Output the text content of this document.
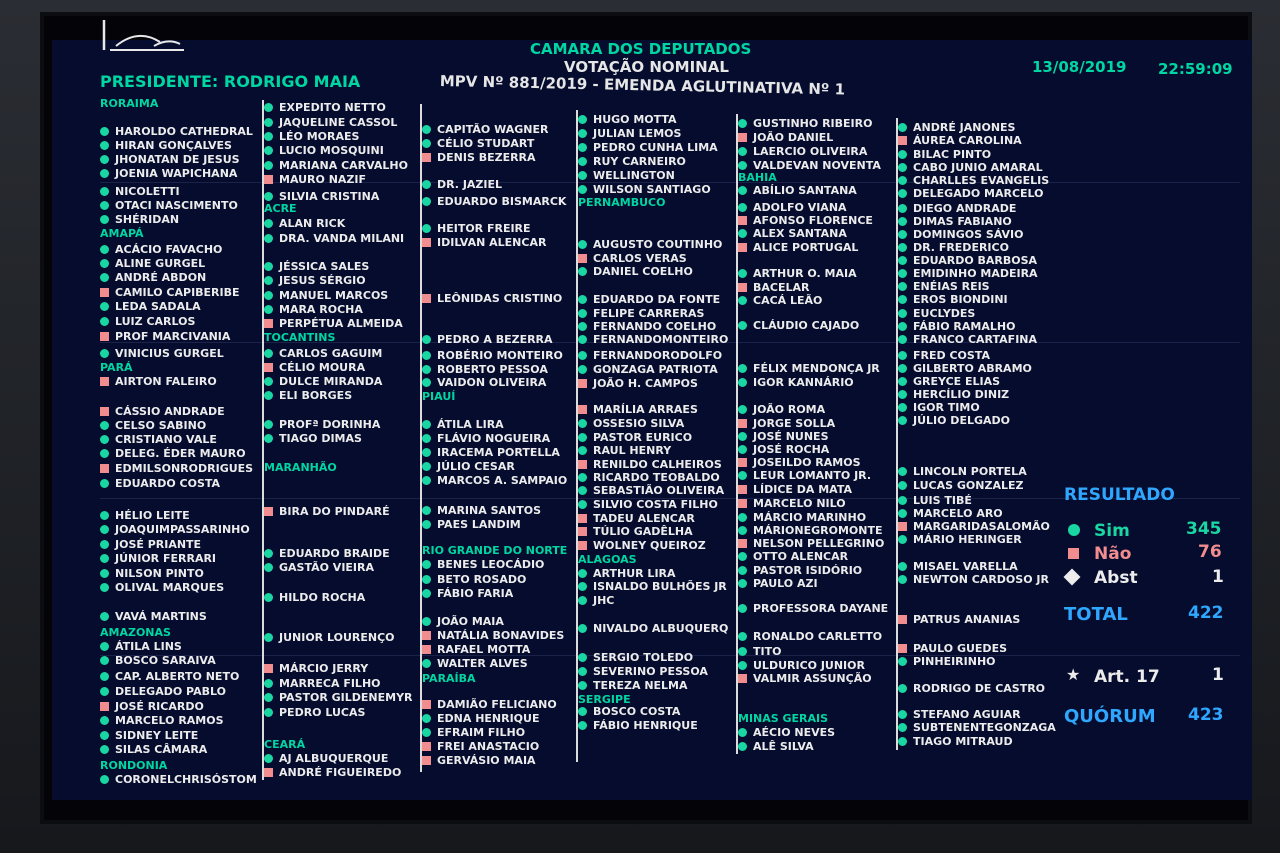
CAMARA DOS DEPUTADOS
VOTAÇÃO NOMINAL
MPV Nº 881/2019 - EMENDA AGLUTINATIVA Nº 1
PRESIDENTE: RODRIGO MAIA
13/08/2019 22:59:09
RORAIMA
HAROLDO CATHEDRAL
HIRAN GONÇALVES
JHONATAN DE JESUS
JOENIA WAPICHANA
NICOLETTI
OTACI NASCIMENTO
SHÉRIDAN
AMAPÁ
ACÁCIO FAVACHO
ALINE GURGEL
ANDRÉ ABDON
CAMILO CAPIBERIBE
LEDA SADALA
LUIZ CARLOS
PROF MARCIVANIA
VINICIUS GURGEL
PARÁ
AIRTON FALEIRO
CÁSSIO ANDRADE
CELSO SABINO
CRISTIANO VALE
DELEG. ÉDER MAURO
EDMILSONRODRIGUES
EDUARDO COSTA
HÉLIO LEITE
JOAQUIMPASSARINHO
JOSÉ PRIANTE
JÚNIOR FERRARI
NILSON PINTO
OLIVAL MARQUES
VAVÁ MARTINS
AMAZONAS
ÁTILA LINS
BOSCO SARAIVA
CAP. ALBERTO NETO
DELEGADO PABLO
JOSÉ RICARDO
MARCELO RAMOS
SIDNEY LEITE
SILAS CÂMARA
RONDONIA
CORONELCHRISÓSTOM
EXPEDITO NETTO
JAQUELINE CASSOL
LÉO MORAES
LUCIO MOSQUINI
MARIANA CARVALHO
MAURO NAZIF
SILVIA CRISTINA
ACRE
ALAN RICK
DRA. VANDA MILANI
JÉSSICA SALES
JESUS SÉRGIO
MANUEL MARCOS
MARA ROCHA
PERPÉTUA ALMEIDA
TOCANTINS
CARLOS GAGUIM
CÉLIO MOURA
DULCE MIRANDA
ELI BORGES
PROFª DORINHA
TIAGO DIMAS
MARANHÃO
BIRA DO PINDARÉ
EDUARDO BRAIDE
GASTÃO VIEIRA
HILDO ROCHA
JUNIOR LOURENÇO
MÁRCIO JERRY
MARRECA FILHO
PASTOR GILDENEMYR
PEDRO LUCAS
CEARÁ
AJ ALBUQUERQUE
ANDRÉ FIGUEIREDO
CAPITÃO WAGNER
CÉLIO STUDART
DENIS BEZERRA
DR. JAZIEL
EDUARDO BISMARCK
HEITOR FREIRE
IDILVAN ALENCAR
LEÔNIDAS CRISTINO
PEDRO A BEZERRA
ROBÉRIO MONTEIRO
ROBERTO PESSOA
VAIDON OLIVEIRA
PIAUÍ
ÁTILA LIRA
FLÁVIO NOGUEIRA
IRACEMA PORTELLA
JÚLIO CESAR
MARCOS A. SAMPAIO
MARINA SANTOS
PAES LANDIM
RIO GRANDE DO NORTE
BENES LEOCÁDIO
BETO ROSADO
FÁBIO FARIA
JOÃO MAIA
NATÁLIA BONAVIDES
RAFAEL MOTTA
WALTER ALVES
PARAÍBA
DAMIÃO FELICIANO
EDNA HENRIQUE
EFRAIM FILHO
FREI ANASTACIO
GERVÁSIO MAIA
HUGO MOTTA
JULIAN LEMOS
PEDRO CUNHA LIMA
RUY CARNEIRO
WELLINGTON
WILSON SANTIAGO
PERNAMBUCO
AUGUSTO COUTINHO
CARLOS VERAS
DANIEL COELHO
EDUARDO DA FONTE
FELIPE CARRERAS
FERNANDO COELHO
FERNANDOMONTEIRO
FERNANDORODOLFO
GONZAGA PATRIOTA
JOÃO H. CAMPOS
MARÍLIA ARRAES
OSSESIO SILVA
PASTOR EURICO
RAUL HENRY
RENILDO CALHEIROS
RICARDO TEOBALDO
SEBASTIÃO OLIVEIRA
SILVIO COSTA FILHO
TADEU ALENCAR
TÚLIO GADÊLHA
WOLNEY QUEIROZ
ALAGOAS
ARTHUR LIRA
ISNALDO BULHÕES JR
JHC
NIVALDO ALBUQUERQ
SERGIO TOLEDO
SEVERINO PESSOA
TEREZA NELMA
SERGIPE
BOSCO COSTA
FÁBIO HENRIQUE
GUSTINHO RIBEIRO
JOÃO DANIEL
LAERCIO OLIVEIRA
VALDEVAN NOVENTA
BAHIA
ABÍLIO SANTANA
ADOLFO VIANA
AFONSO FLORENCE
ALEX SANTANA
ALICE PORTUGAL
ARTHUR O. MAIA
BACELAR
CACÁ LEÃO
CLÁUDIO CAJADO
FÉLIX MENDONÇA JR
IGOR KANNÁRIO
JOÃO ROMA
JORGE SOLLA
JOSÉ NUNES
JOSÉ ROCHA
JOSEILDO RAMOS
LEUR LOMANTO JR.
LÍDICE DA MATA
MARCELO NILO
MÁRCIO MARINHO
MÁRIONEGROMONTE
NELSON PELLEGRINO
OTTO ALENCAR
PASTOR ISIDÓRIO
PAULO AZI
PROFESSORA DAYANE
RONALDO CARLETTO
TITO
ULDURICO JUNIOR
VALMIR ASSUNÇÃO
MINAS GERAIS
AÉCIO NEVES
ALÊ SILVA
ANDRÉ JANONES
ÁUREA CAROLINA
BILAC PINTO
CABO JUNIO AMARAL
CHARLLES EVANGELIS
DELEGADO MARCELO
DIEGO ANDRADE
DIMAS FABIANO
DOMINGOS SÁVIO
DR. FREDERICO
EDUARDO BARBOSA
EMIDINHO MADEIRA
ENÉIAS REIS
EROS BIONDINI
EUCLYDES
FÁBIO RAMALHO
FRANCO CARTAFINA
FRED COSTA
GILBERTO ABRAMO
GREYCE ELIAS
HERCÍLIO DINIZ
IGOR TIMO
JÚLIO DELGADO
LINCOLN PORTELA
LUCAS GONZALEZ
LUIS TIBÉ
MARCELO ARO
MARGARIDASALOMÃO
MÁRIO HERINGER
MISAEL VARELLA
NEWTON CARDOSO JR
PATRUS ANANIAS
PAULO GUEDES
PINHEIRINHO
RODRIGO DE CASTRO
STEFANO AGUIAR
SUBTENENTEGONZAGA
TIAGO MITRAUD
RESULTADO
Sim	345
Não	76
Abst	1
TOTAL	422
★ Art. 17	1
QUÓRUM 423
